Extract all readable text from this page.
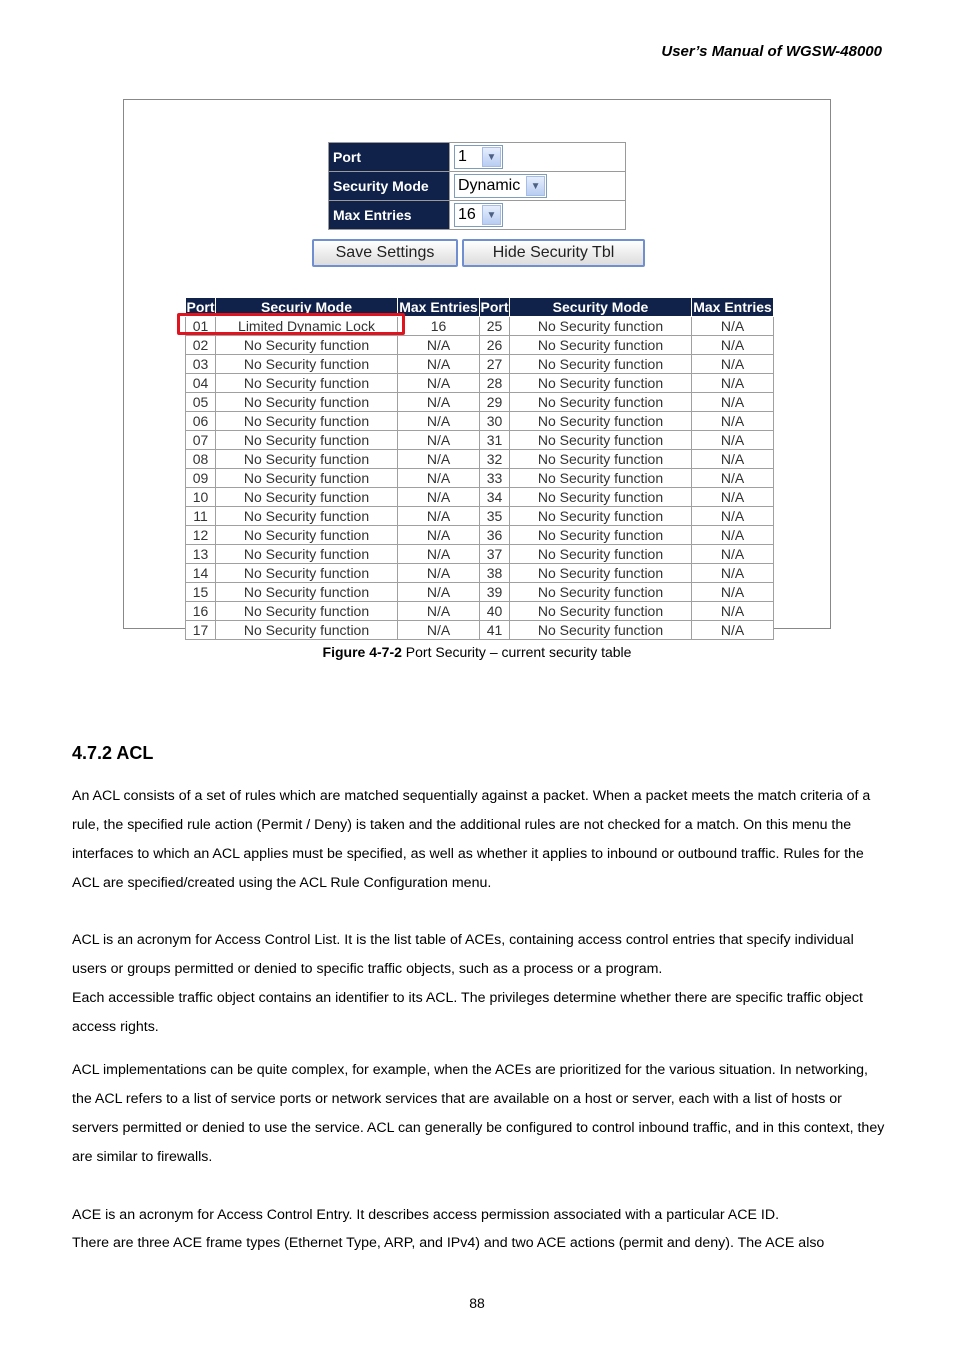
User’s Manual of WGSW-48000
Port	1 ▼

Security Mode	Dynamic ▼

Max Entries	16 ▼
Save Settings	Hide Security Tbl
Port	Securiy Mode	Max Entries	Port	Security Mode	Max Entries
01	Limited Dynamic Lock	16	25	No Security function	N/A
02	No Security function	N/A	26	No Security function	N/A
03	No Security function	N/A	27	No Security function	N/A
04	No Security function	N/A	28	No Security function	N/A
05	No Security function	N/A	29	No Security function	N/A
06	No Security function	N/A	30	No Security function	N/A
07	No Security function	N/A	31	No Security function	N/A
08	No Security function	N/A	32	No Security function	N/A
09	No Security function	N/A	33	No Security function	N/A
10	No Security function	N/A	34	No Security function	N/A
11	No Security function	N/A	35	No Security function	N/A
12	No Security function	N/A	36	No Security function	N/A
13	No Security function	N/A	37	No Security function	N/A
14	No Security function	N/A	38	No Security function	N/A
15	No Security function	N/A	39	No Security function	N/A
16	No Security function	N/A	40	No Security function	N/A
17	No Security function	N/A	41	No Security function	N/A
Figure 4-7-2 Port Security – current security table
4.7.2 ACL
An ACL consists of a set of rules which are matched sequentially against a packet. When a packet meets the match criteria of a rule, the specified rule action (Permit / Deny) is taken and the additional rules are not checked for a match. On this menu the interfaces to which an ACL applies must be specified, as well as whether it applies to inbound or outbound traffic. Rules for the ACL are specified/created using the ACL Rule Configuration menu.
ACL is an acronym for Access Control List. It is the list table of ACEs, containing access control entries that specify individual users or groups permitted or denied to specific traffic objects, such as a process or a program.
Each accessible traffic object contains an identifier to its ACL. The privileges determine whether there are specific traffic object access rights.
ACL implementations can be quite complex, for example, when the ACEs are prioritized for the various situation. In networking, the ACL refers to a list of service ports or network services that are available on a host or server, each with a list of hosts or servers permitted or denied to use the service. ACL can generally be configured to control inbound traffic, and in this context, they are similar to firewalls.
ACE is an acronym for Access Control Entry. It describes access permission associated with a particular ACE ID.
There are three ACE frame types (Ethernet Type, ARP, and IPv4) and two ACE actions (permit and deny). The ACE also
88
